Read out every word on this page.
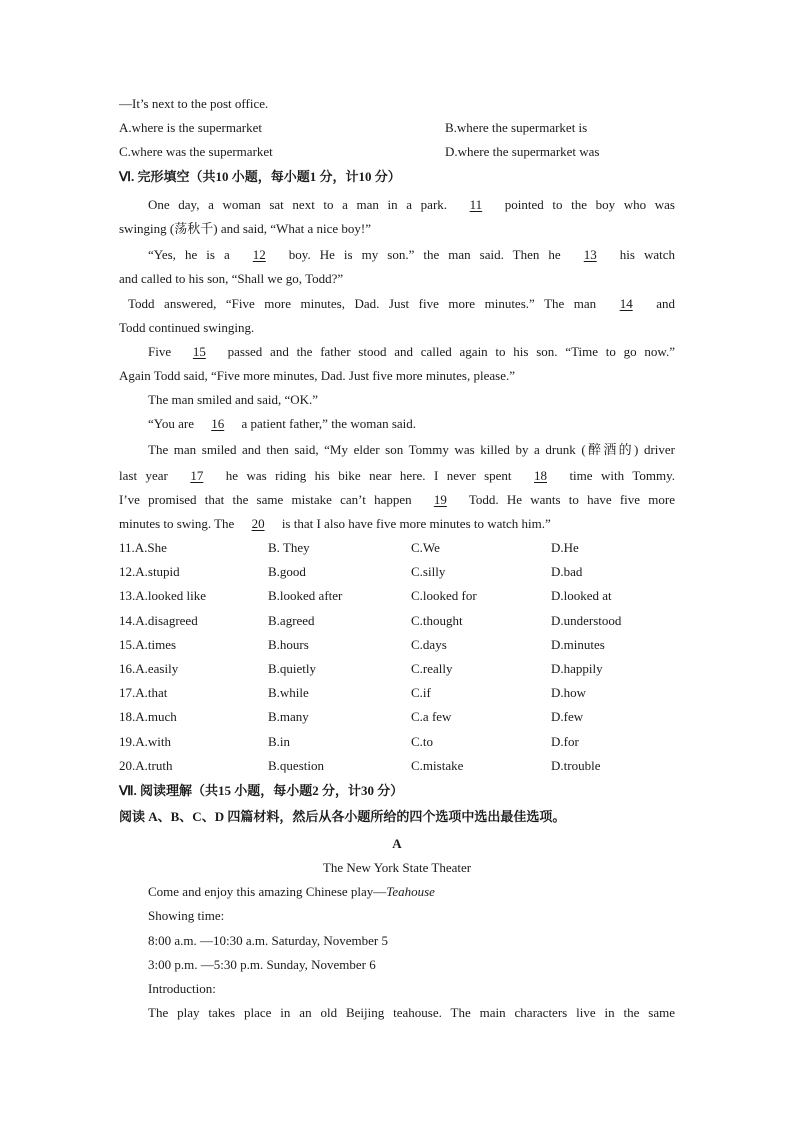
—It’s next to the post office.
A.where is the supermarket	B.where the supermarket is
C.where was the supermarket	D.where the supermarket was
Ⅵ. 完形填空（共10 小题，每小题1 分，计10 分）
One day, a woman sat next to a man in a park. 11 pointed to the boy who was
swinging (荡秋千) and said, “What a nice boy!”
“Yes, he is a 12 boy. He is my son.” the man said. Then he 13 his watch
and called to his son, “Shall we go, Todd?”
Todd answered, “Five more minutes, Dad. Just five more minutes.” The man 14 and
Todd continued swinging.
Five 15 passed and the father stood and called again to his son. “Time to go now.”
Again Todd said, “Five more minutes, Dad. Just five more minutes, please.”
The man smiled and said, “OK.”
“You are 16 a patient father,” the woman said.
The man smiled and then said, “My elder son Tommy was killed by a drunk (醉酒的) driver
last year 17 he was riding his bike near here. I never spent 18 time with Tommy.
I’ve promised that the same mistake can’t happen 19 Todd. He wants to have five more
minutes to swing. The 20 is that I also have five more minutes to watch him.”
11.A.She	B. They	C.We	D.He
12.A.stupid	B.good	C.silly	D.bad
13.A.looked like	B.looked after	C.looked for	D.looked at
14.A.disagreed	B.agreed	C.thought	D.understood
15.A.times	B.hours	C.days	D.minutes
16.A.easily	B.quietly	C.really	D.happily
17.A.that	B.while	C.if	D.how
18.A.much	B.many	C.a few	D.few
19.A.with	B.in	C.to	D.for
20.A.truth	B.question	C.mistake	D.trouble
Ⅶ. 阅读理解（共15 小题，每小题2 分，计30 分）
阅读 A、B、C、D 四篇材料，然后从各小题所给的四个选项中选出最佳选项。
A
The New York State Theater
Come and enjoy this amazing Chinese play—Teahouse
Showing time:
8:00 a.m. —10:30 a.m. Saturday, November 5
3:00 p.m. —5:30 p.m. Sunday, November 6
Introduction:
The play takes place in an old Beijing teahouse. The main characters live in the same
